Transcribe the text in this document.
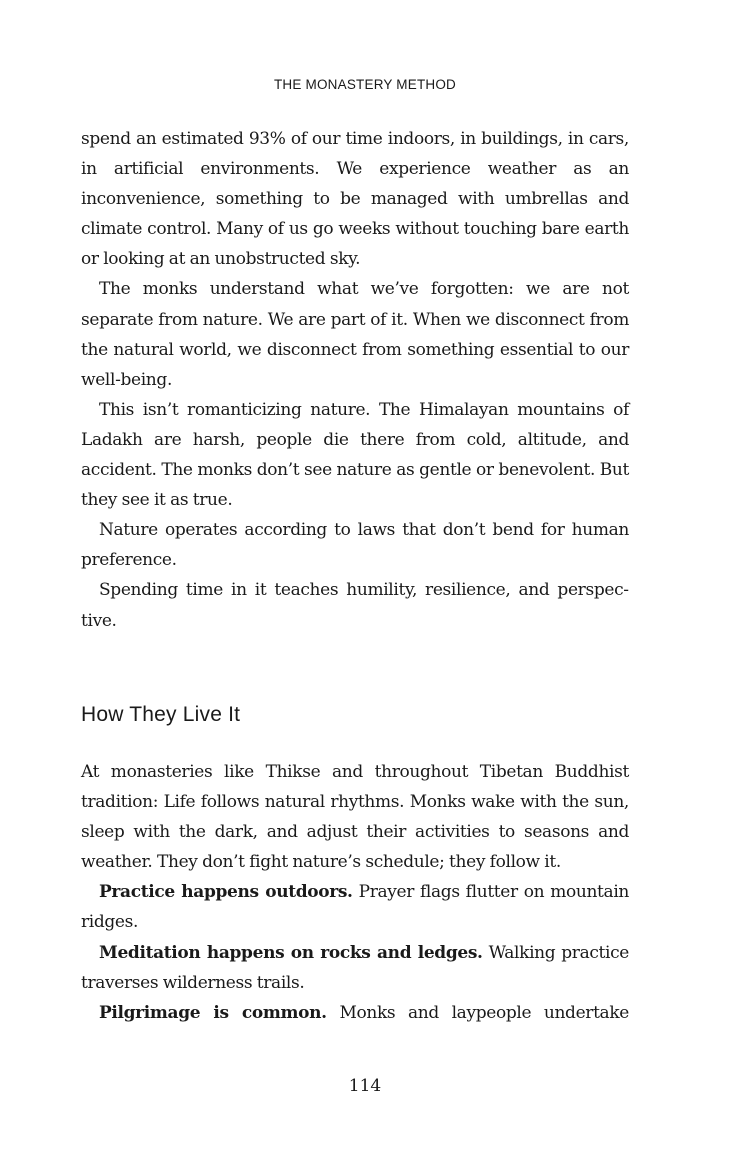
THE MONASTERY METHOD

spend an estimated 93% of our time indoors, in buildings, in cars, in artificial environments. We experience weather as an inconvenience, something to be managed with umbrellas and climate control. Many of us go weeks without touching bare earth or looking at an unobstructed sky.

The monks understand what we’ve forgotten: we are not separate from nature. We are part of it. When we disconnect from the natural world, we disconnect from something essential to our well-being.

This isn’t romanticizing nature. The Himalayan mountains of Ladakh are harsh, people die there from cold, altitude, and accident. The monks don’t see nature as gentle or benevolent. But they see it as true.

Nature operates according to laws that don’t bend for human preference.

Spending time in it teaches humility, resilience, and perspective.

How They Live It

At monasteries like Thikse and throughout Tibetan Buddhist tradition: Life follows natural rhythms. Monks wake with the sun, sleep with the dark, and adjust their activities to seasons and weather. They don’t fight nature’s schedule; they follow it.

Practice happens outdoors. Prayer flags flutter on mountain ridges.

Meditation happens on rocks and ledges. Walking practice traverses wilderness trails.

Pilgrimage is common. Monks and laypeople undertake

114
